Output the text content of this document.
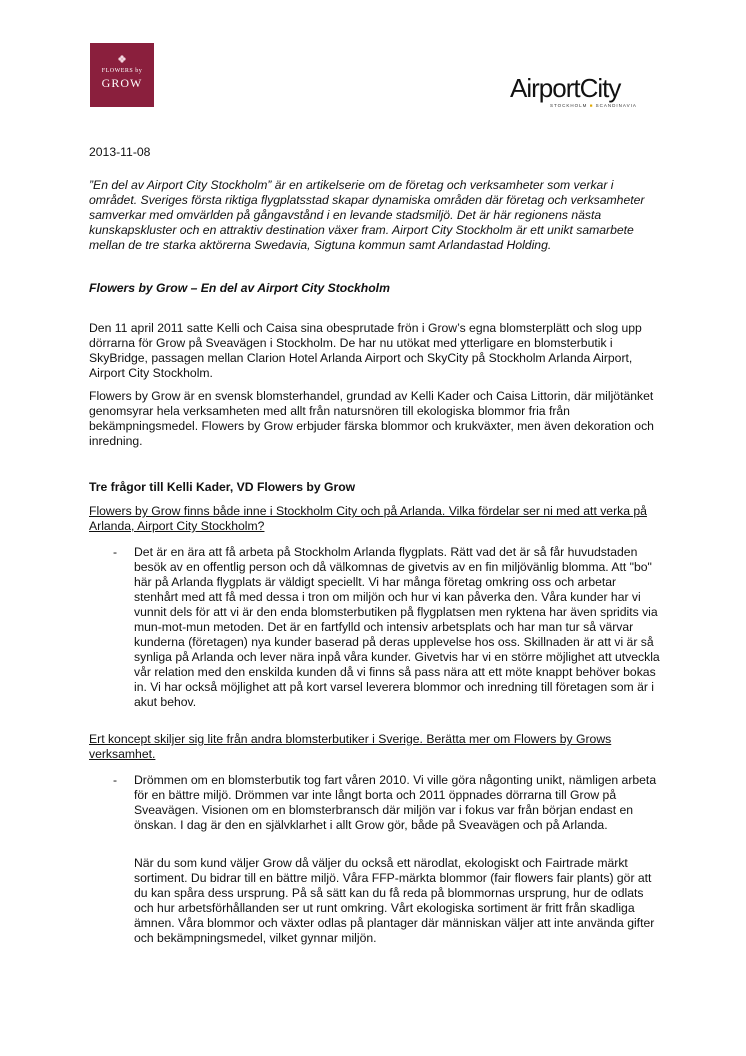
FLOWERS by
GROW	AirportCity
STOCKHOLM ■ SCANDINAVIA

2013-11-08

”En del av Airport City Stockholm” är en artikelserie om de företag och verksamheter som verkar i området. Sveriges första riktiga flygplatsstad skapar dynamiska områden där företag och verksamheter samverkar med omvärlden på gångavstånd i en levande stadsmiljö. Det är här regionens nästa kunskapskluster och en attraktiv destination växer fram. Airport City Stockholm är ett unikt samarbete mellan de tre starka aktörerna Swedavia, Sigtuna kommun samt Arlandastad Holding.

Flowers by Grow – En del av Airport City Stockholm

Den 11 april 2011 satte Kelli och Caisa sina obesprutade frön i Grow’s egna blomsterplätt och slog upp dörrarna för Grow på Sveavägen i Stockholm. De har nu utökat med ytterligare en blomsterbutik i SkyBridge, passagen mellan Clarion Hotel Arlanda Airport och SkyCity på Stockholm Arlanda Airport, Airport City Stockholm.

Flowers by Grow är en svensk blomsterhandel, grundad av Kelli Kader och Caisa Littorin, där miljötänket genomsyrar hela verksamheten med allt från natursnören till ekologiska blommor fria från bekämpningsmedel. Flowers by Grow erbjuder färska blommor och krukväxter, men även dekoration och inredning.

Tre frågor till Kelli Kader, VD Flowers by Grow

Flowers by Grow finns både inne i Stockholm City och på Arlanda. Vilka fördelar ser ni med att verka på Arlanda, Airport City Stockholm?

-	Det är en ära att få arbeta på Stockholm Arlanda flygplats. Rätt vad det är så får huvudstaden besök av en offentlig person och då välkomnas de givetvis av en fin miljövänlig blomma. Att "bo" här på Arlanda flygplats är väldigt speciellt. Vi har många företag omkring oss och arbetar stenhårt med att få med dessa i tron om miljön och hur vi kan påverka den. Våra kunder har vi vunnit dels för att vi är den enda blomsterbutiken på flygplatsen men ryktena har även spridits via mun-mot-mun metoden. Det är en fartfylld och intensiv arbetsplats och har man tur så värvar kunderna (företagen) nya kunder baserad på deras upplevelse hos oss. Skillnaden är att vi är så synliga på Arlanda och lever nära inpå våra kunder. Givetvis har vi en större möjlighet att utveckla vår relation med den enskilda kunden då vi finns så pass nära att ett möte knappt behöver bokas in. Vi har också möjlighet att på kort varsel leverera blommor och inredning till företagen som är i akut behov.

Ert koncept skiljer sig lite från andra blomsterbutiker i Sverige. Berätta mer om Flowers by Grows verksamhet.

-	Drömmen om en blomsterbutik tog fart våren 2010. Vi ville göra någonting unikt, nämligen arbeta för en bättre miljö. Drömmen var inte långt borta och 2011 öppnades dörrarna till Grow på Sveavägen. Visionen om en blomsterbransch där miljön var i fokus var från början endast en önskan. I dag är den en självklarhet i allt Grow gör, både på Sveavägen och på Arlanda.

När du som kund väljer Grow då väljer du också ett närodlat, ekologiskt och Fairtrade märkt sortiment. Du bidrar till en bättre miljö. Våra FFP-märkta blommor (fair flowers fair plants) gör att du kan spåra dess ursprung. På så sätt kan du få reda på blommornas ursprung, hur de odlats och hur arbetsförhållanden ser ut runt omkring. Vårt ekologiska sortiment är fritt från skadliga ämnen. Våra blommor och växter odlas på plantager där människan väljer att inte använda gifter och bekämpningsmedel, vilket gynnar miljön.
